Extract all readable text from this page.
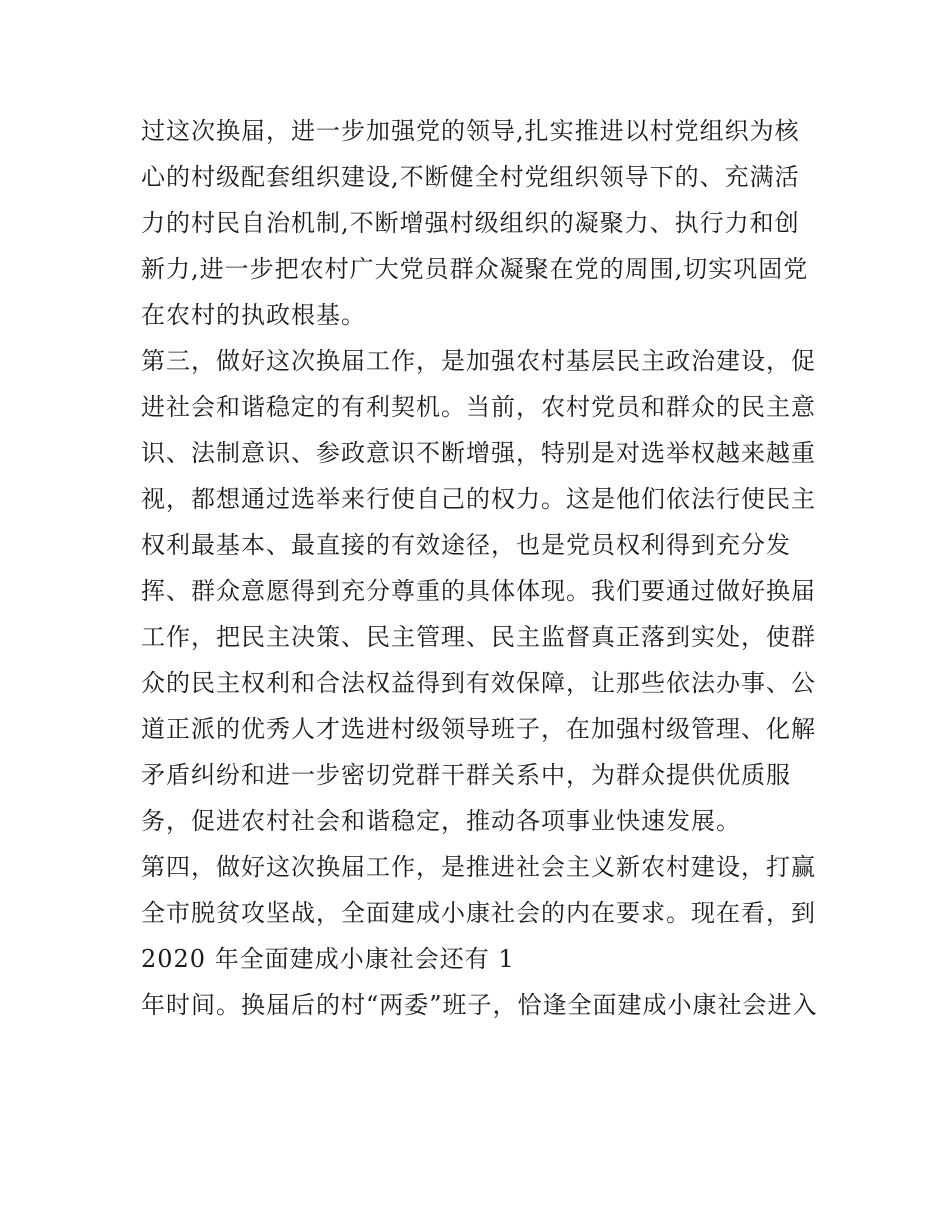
过这次换届，进一步加强党的领导,扎实推进以村党组织为核
心的村级配套组织建设,不断健全村党组织领导下的、充满活
力的村民自治机制,不断增强村级组织的凝聚力、执行力和创
新力,进一步把农村广大党员群众凝聚在党的周围,切实巩固党
在农村的执政根基。
第三，做好这次换届工作，是加强农村基层民主政治建设，促
进社会和谐稳定的有利契机。当前，农村党员和群众的民主意
识、法制意识、参政意识不断增强，特别是对选举权越来越重
视，都想通过选举来行使自己的权力。这是他们依法行使民主
权利最基本、最直接的有效途径，也是党员权利得到充分发
挥、群众意愿得到充分尊重的具体体现。我们要通过做好换届
工作，把民主决策、民主管理、民主监督真正落到实处，使群
众的民主权利和合法权益得到有效保障，让那些依法办事、公
道正派的优秀人才选进村级领导班子，在加强村级管理、化解
矛盾纠纷和进一步密切党群干群关系中，为群众提供优质服
务，促进农村社会和谐稳定，推动各项事业快速发展。
第四，做好这次换届工作，是推进社会主义新农村建设，打赢
全市脱贫攻坚战，全面建成小康社会的内在要求。现在看，到
2020 年全面建成小康社会还有 1
年时间。换届后的村“两委”班子，恰逢全面建成小康社会进入
